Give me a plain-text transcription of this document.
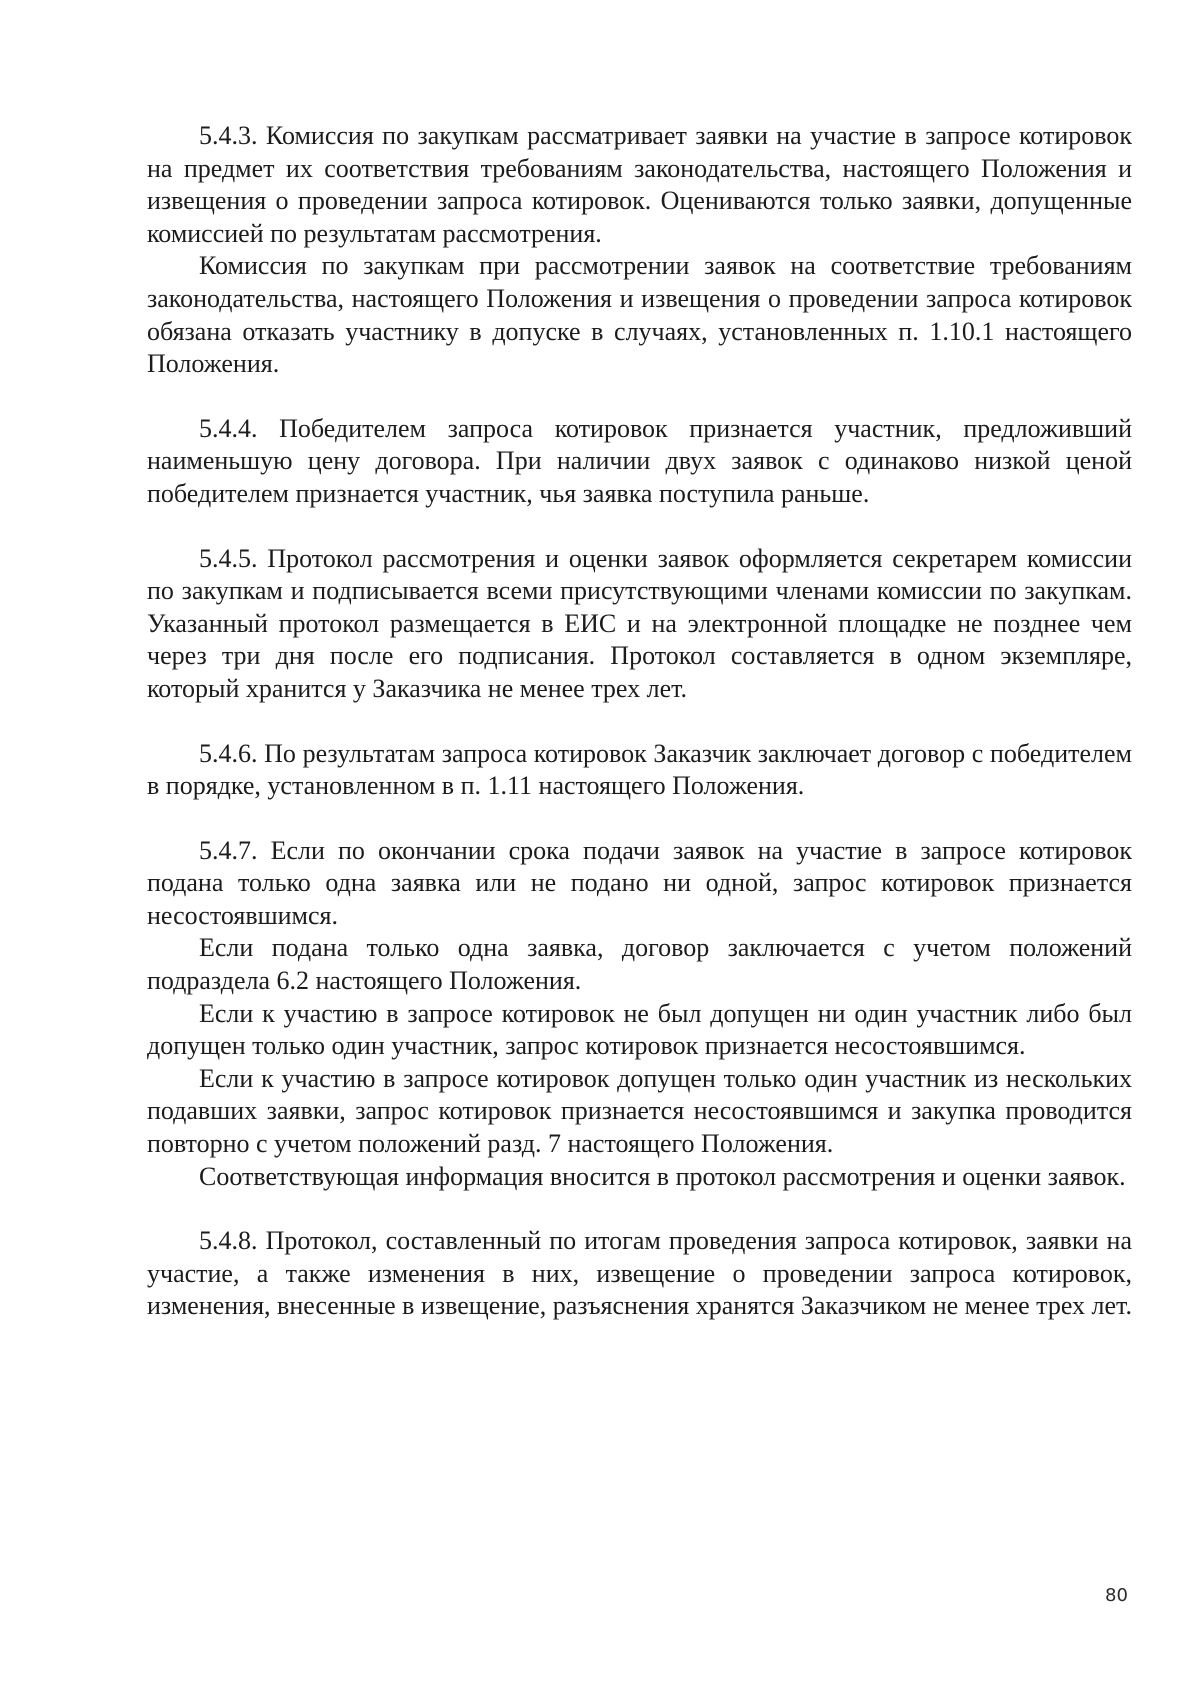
5.4.3. Комиссия по закупкам рассматривает заявки на участие в запросе котировок на предмет их соответствия требованиям законодательства, настоящего Положения и извещения о проведении запроса котировок. Оцениваются только заявки, допущенные комиссией по результатам рассмотрения.

Комиссия по закупкам при рассмотрении заявок на соответствие требованиям законодательства, настоящего Положения и извещения о проведении запроса котировок обязана отказать участнику в допуске в случаях, установленных п. 1.10.1 настоящего Положения.

5.4.4. Победителем запроса котировок признается участник, предложивший наименьшую цену договора. При наличии двух заявок с одинаково низкой ценой победителем признается участник, чья заявка поступила раньше.

5.4.5. Протокол рассмотрения и оценки заявок оформляется секретарем комиссии по закупкам и подписывается всеми присутствующими членами комиссии по закупкам. Указанный протокол размещается в ЕИС и на электронной площадке не позднее чем через три дня после его подписания. Протокол составляется в одном экземпляре, который хранится у Заказчика не менее трех лет.

5.4.6. По результатам запроса котировок Заказчик заключает договор с победителем в порядке, установленном в п. 1.11 настоящего Положения.

5.4.7. Если по окончании срока подачи заявок на участие в запросе котировок подана только одна заявка или не подано ни одной, запрос котировок признается несостоявшимся.

Если подана только одна заявка, договор заключается с учетом положений подраздела 6.2 настоящего Положения.

Если к участию в запросе котировок не был допущен ни один участник либо был допущен только один участник, запрос котировок признается несостоявшимся.

Если к участию в запросе котировок допущен только один участник из нескольких подавших заявки, запрос котировок признается несостоявшимся и закупка проводится повторно с учетом положений разд. 7 настоящего Положения.

Соответствующая информация вносится в протокол рассмотрения и оценки заявок.

5.4.8. Протокол, составленный по итогам проведения запроса котировок, заявки на участие, а также изменения в них, извещение о проведении запроса котировок, изменения, внесенные в извещение, разъяснения хранятся Заказчиком не менее трех лет.

80
